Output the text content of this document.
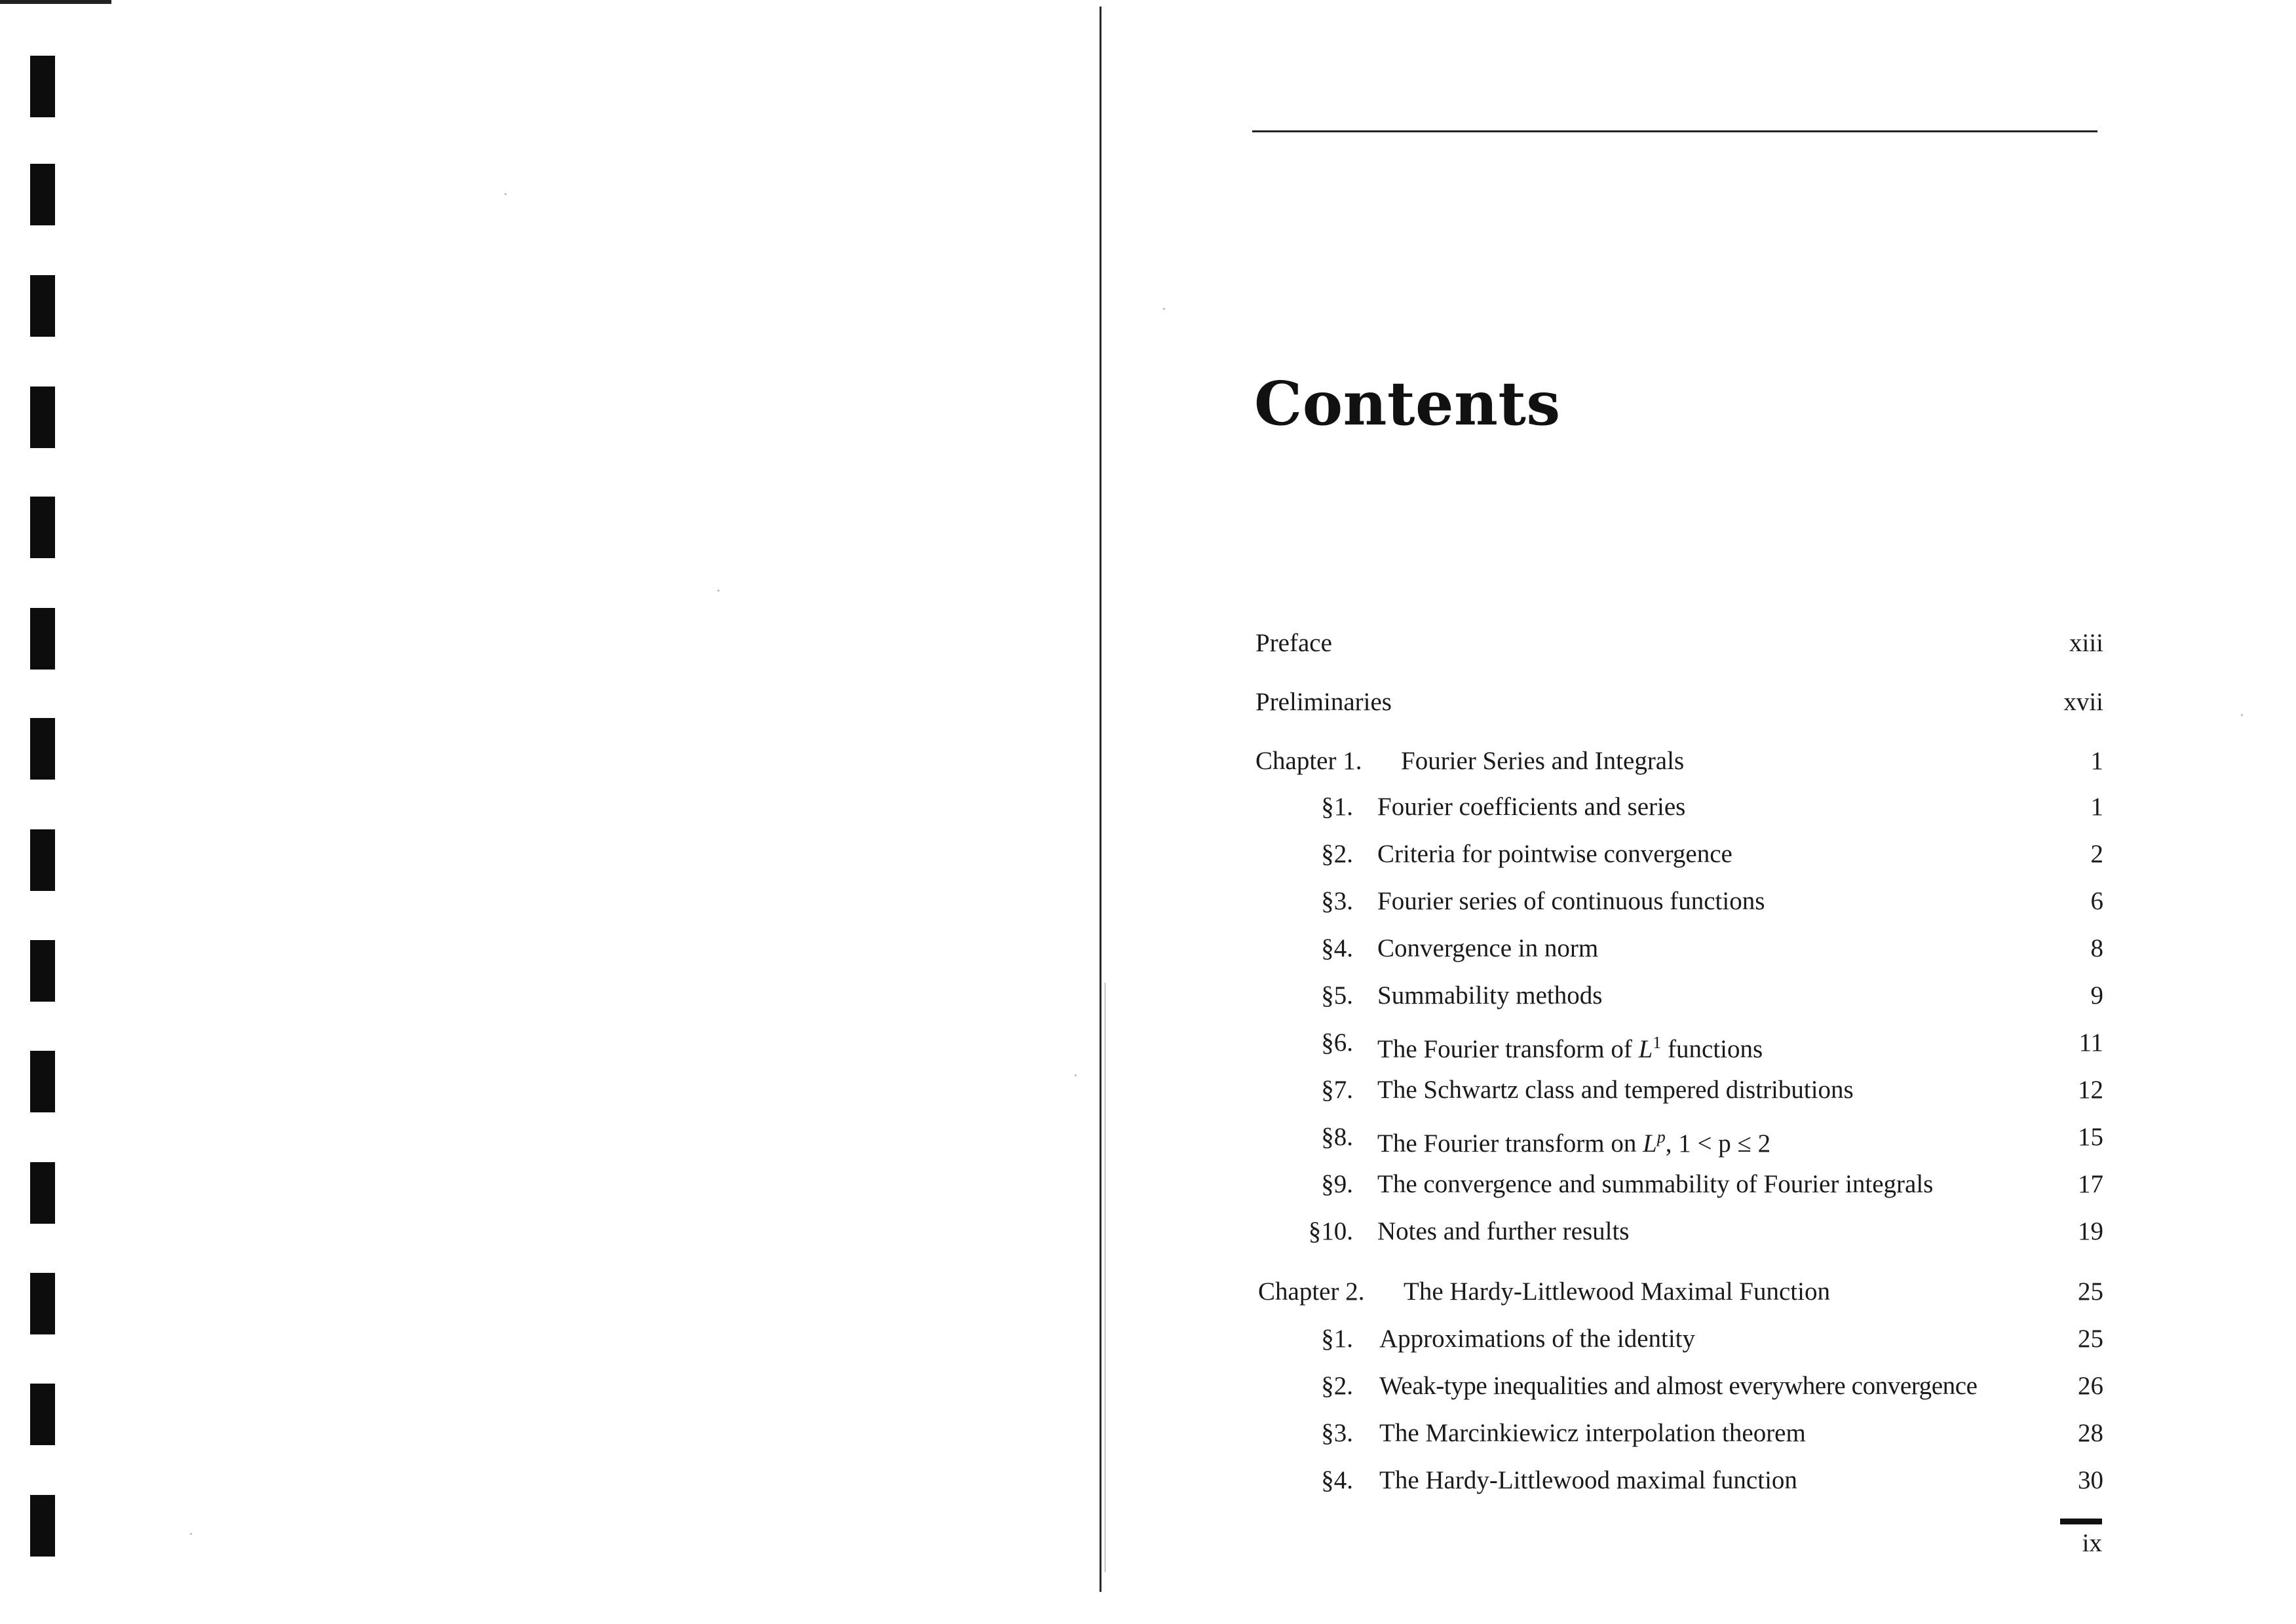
Contents
Preface	xiii
Preliminaries	xvii
Chapter 1. Fourier Series and Integrals	1
§1. Fourier coefficients and series	1
§2. Criteria for pointwise convergence	2
§3. Fourier series of continuous functions	6
§4. Convergence in norm	8
§5. Summability methods	9
§6. The Fourier transform of $L^1$ functions	11
§7. The Schwartz class and tempered distributions	12
§8. The Fourier transform on $L^p$, 1 < p ≤ 2	15
§9. The convergence and summability of Fourier integrals	17
§10. Notes and further results	19
Chapter 2. The Hardy-Littlewood Maximal Function	25
§1. Approximations of the identity	25
§2. Weak-type inequalities and almost everywhere convergence	26
§3. The Marcinkiewicz interpolation theorem	28
§4. The Hardy-Littlewood maximal function	30
ix
